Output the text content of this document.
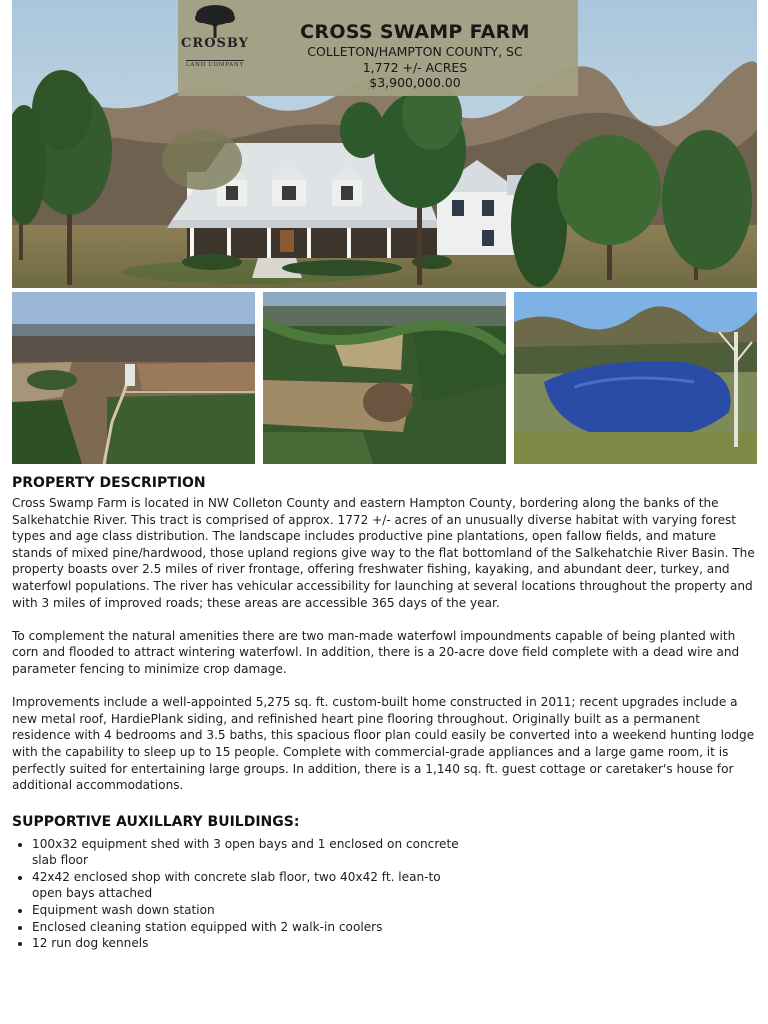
CROSBY
LAND COMPANY
CROSS SWAMP FARM
COLLETON/HAMPTON COUNTY, SC
1,772 +/- ACRES
$3,900,000.00
PROPERTY DESCRIPTION

Cross Swamp Farm is located in NW Colleton County and eastern Hampton County, bordering along the banks of the Salkehatchie River. This tract is comprised of approx. 1772 +/- acres of an unusually diverse habitat with varying forest types and age class distribution. The landscape includes productive pine plantations, open fallow fields, and mature stands of mixed pine/hardwood, those upland regions give way to the flat bottomland of the Salkehatchie River Basin. The property boasts over 2.5 miles of river frontage, offering freshwater fishing, kayaking, and abundant deer, turkey, and waterfowl populations. The river has vehicular accessibility for launching at several locations throughout the property and with 3 miles of improved roads; these areas are accessible 365 days of the year.

To complement the natural amenities there are two man-made waterfowl impoundments capable of being planted with corn and flooded to attract wintering waterfowl. In addition, there is a 20-acre dove field complete with a dead wire and parameter fencing to minimize crop damage.

Improvements include a well-appointed 5,275 sq. ft. custom-built home constructed in 2011; recent upgrades include a new metal roof, HardiePlank siding, and refinished heart pine flooring throughout. Originally built as a permanent residence with 4 bedrooms and 3.5 baths, this spacious floor plan could easily be converted into a weekend hunting lodge with the capability to sleep up to 15 people. Complete with commercial-grade appliances and a large game room, it is perfectly suited for entertaining large groups. In addition, there is a 1,140 sq. ft. guest cottage or caretaker's house for additional accommodations.

SUPPORTIVE AUXILLARY BUILDINGS:
• 100x32 equipment shed with 3 open bays and 1 enclosed on concrete slab floor
• 42x42 enclosed shop with concrete slab floor, two 40x42 ft. lean-to open bays attached
• Equipment wash down station
• Enclosed cleaning station equipped with 2 walk-in coolers
• 12 run dog kennels
